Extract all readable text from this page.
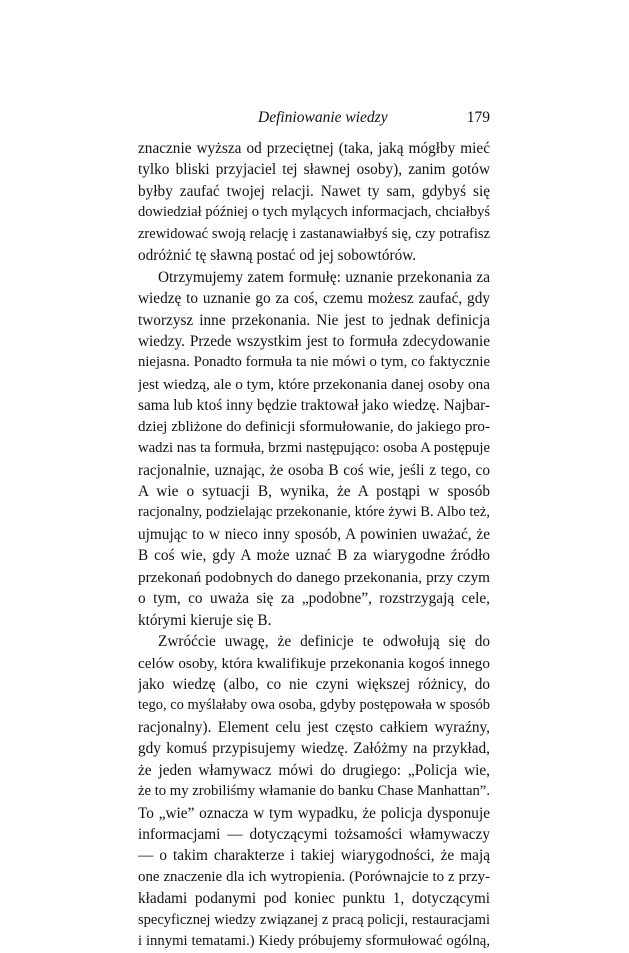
Definiowanie wiedzy	179
znacznie wyższa od przeciętnej (taka, jaką mógłby mieć
tylko bliski przyjaciel tej sławnej osoby), zanim gotów
byłby zaufać twojej relacji. Nawet ty sam, gdybyś się
dowiedział później o tych mylących informacjach, chciałbyś
zrewidować swoją relację i zastanawiałbyś się, czy potrafisz
odróżnić tę sławną postać od jej sobowtórów.
Otrzymujemy zatem formułę: uznanie przekonania za
wiedzę to uznanie go za coś, czemu możesz zaufać, gdy
tworzysz inne przekonania. Nie jest to jednak definicja
wiedzy. Przede wszystkim jest to formuła zdecydowanie
niejasna. Ponadto formuła ta nie mówi o tym, co faktycznie
jest wiedzą, ale o tym, które przekonania danej osoby ona
sama lub ktoś inny będzie traktował jako wiedzę. Najbar-
dziej zbliżone do definicji sformułowanie, do jakiego pro-
wadzi nas ta formuła, brzmi następująco: osoba A postępuje
racjonalnie, uznając, że osoba B coś wie, jeśli z tego, co
A wie o sytuacji B, wynika, że A postąpi w sposób
racjonalny, podzielając przekonanie, które żywi B. Albo też,
ujmując to w nieco inny sposób, A powinien uważać, że
B coś wie, gdy A może uznać B za wiarygodne źródło
przekonań podobnych do danego przekonania, przy czym
o tym, co uważa się za „podobne”, rozstrzygają cele,
którymi kieruje się B.
Zwróćcie uwagę, że definicje te odwołują się do
celów osoby, która kwalifikuje przekonania kogoś innego
jako wiedzę (albo, co nie czyni większej różnicy, do
tego, co myślałaby owa osoba, gdyby postępowała w sposób
racjonalny). Element celu jest często całkiem wyraźny,
gdy komuś przypisujemy wiedzę. Załóżmy na przykład,
że jeden włamywacz mówi do drugiego: „Policja wie,
że to my zrobiliśmy włamanie do banku Chase Manhattan”.
To „wie” oznacza w tym wypadku, że policja dysponuje
informacjami — dotyczącymi tożsamości włamywaczy
— o takim charakterze i takiej wiarygodności, że mają
one znaczenie dla ich wytropienia. (Porównajcie to z przy-
kładami podanymi pod koniec punktu 1, dotyczącymi
specyficznej wiedzy związanej z pracą policji, restauracjami
i innymi tematami.) Kiedy próbujemy sformułować ogólną,
